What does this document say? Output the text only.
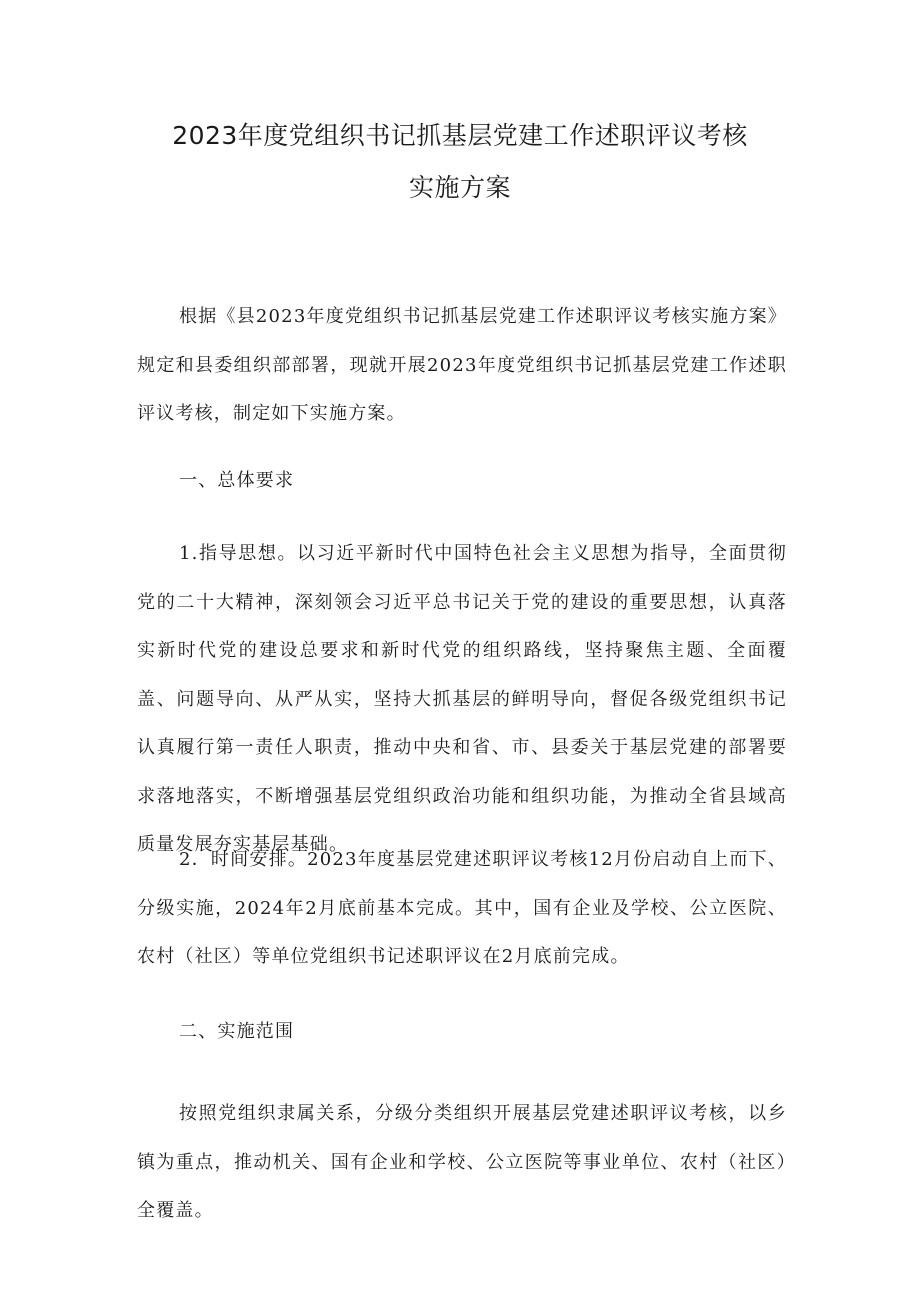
2023年度党组织书记抓基层党建工作述职评议考核
实施方案

根据《县2023年度党组织书记抓基层党建工作述职评议考核实施方案》规定和县委组织部部署，现就开展2023年度党组织书记抓基层党建工作述职评议考核，制定如下实施方案。

一、总体要求

1.指导思想。以习近平新时代中国特色社会主义思想为指导，全面贯彻党的二十大精神，深刻领会习近平总书记关于党的建设的重要思想，认真落实新时代党的建设总要求和新时代党的组织路线，坚持聚焦主题、全面覆盖、问题导向、从严从实，坚持大抓基层的鲜明导向，督促各级党组织书记认真履行第一责任人职责，推动中央和省、市、县委关于基层党建的部署要求落地落实，不断增强基层党组织政治功能和组织功能，为推动全省县域高质量发展夯实基层基础。

2．时间安排。2023年度基层党建述职评议考核12月份启动自上而下、分级实施，2024年2月底前基本完成。其中，国有企业及学校、公立医院、农村（社区）等单位党组织书记述职评议在2月底前完成。

二、实施范围

按照党组织隶属关系，分级分类组织开展基层党建述职评议考核，以乡镇为重点，推动机关、国有企业和学校、公立医院等事业单位、农村（社区）全覆盖。
